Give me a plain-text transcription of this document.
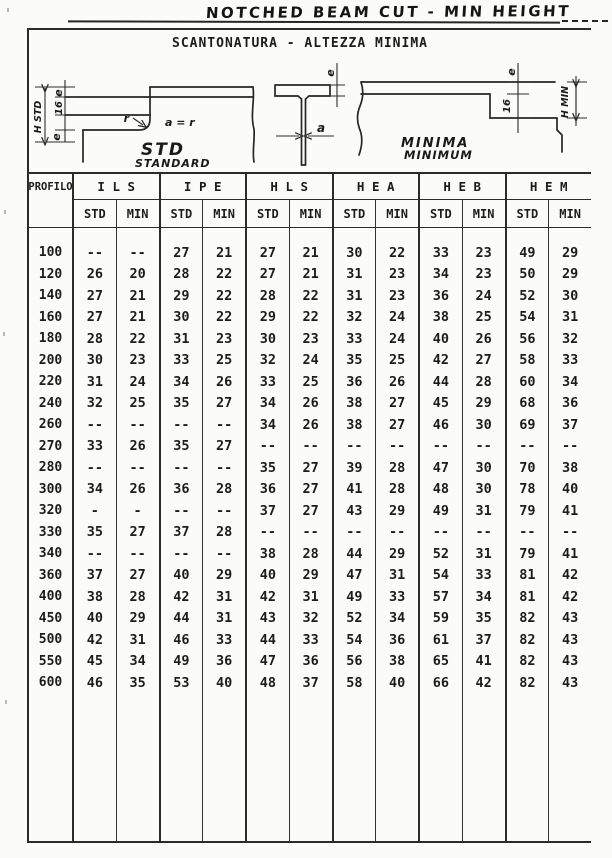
NOTCHED BEAM CUT - MIN HEIGHT
SCANTONATURA - ALTEZZA MINIMA
e
H STD 16
e
r	a = r
STD
STANDARD
e
a
e
16	H MIN
MINIMA
MINIMUM
PROFILO	I L S	I P E	H L S	H E A	H E B	H E M
STD	MIN	STD	MIN	STD	MIN	STD	MIN	STD	MIN	STD	MIN
100	--	--	27	21	27	21	30	22	33	23	49	29
120	26	20	28	22	27	21	31	23	34	23	50	29
140	27	21	29	22	28	22	31	23	36	24	52	30
160	27	21	30	22	29	22	32	24	38	25	54	31
180	28	22	31	23	30	23	33	24	40	26	56	32
200	30	23	33	25	32	24	35	25	42	27	58	33
220	31	24	34	26	33	25	36	26	44	28	60	34
240	32	25	35	27	34	26	38	27	45	29	68	36
260	--	--	--	--	34	26	38	27	46	30	69	37
270	33	26	35	27	--	--	--	--	--	--	--	--
280	--	--	--	--	35	27	39	28	47	30	70	38
300	34	26	36	28	36	27	41	28	48	30	78	40
320	-	-	--	--	37	27	43	29	49	31	79	41
330	35	27	37	28	--	--	--	--	--	--	--	--
340	--	--	--	--	38	28	44	29	52	31	79	41
360	37	27	40	29	40	29	47	31	54	33	81	42
400	38	28	42	31	42	31	49	33	57	34	81	42
450	40	29	44	31	43	32	52	34	59	35	82	43
500	42	31	46	33	44	33	54	36	61	37	82	43
550	45	34	49	36	47	36	56	38	65	41	82	43
600	46	35	53	40	48	37	58	40	66	42	82	43
